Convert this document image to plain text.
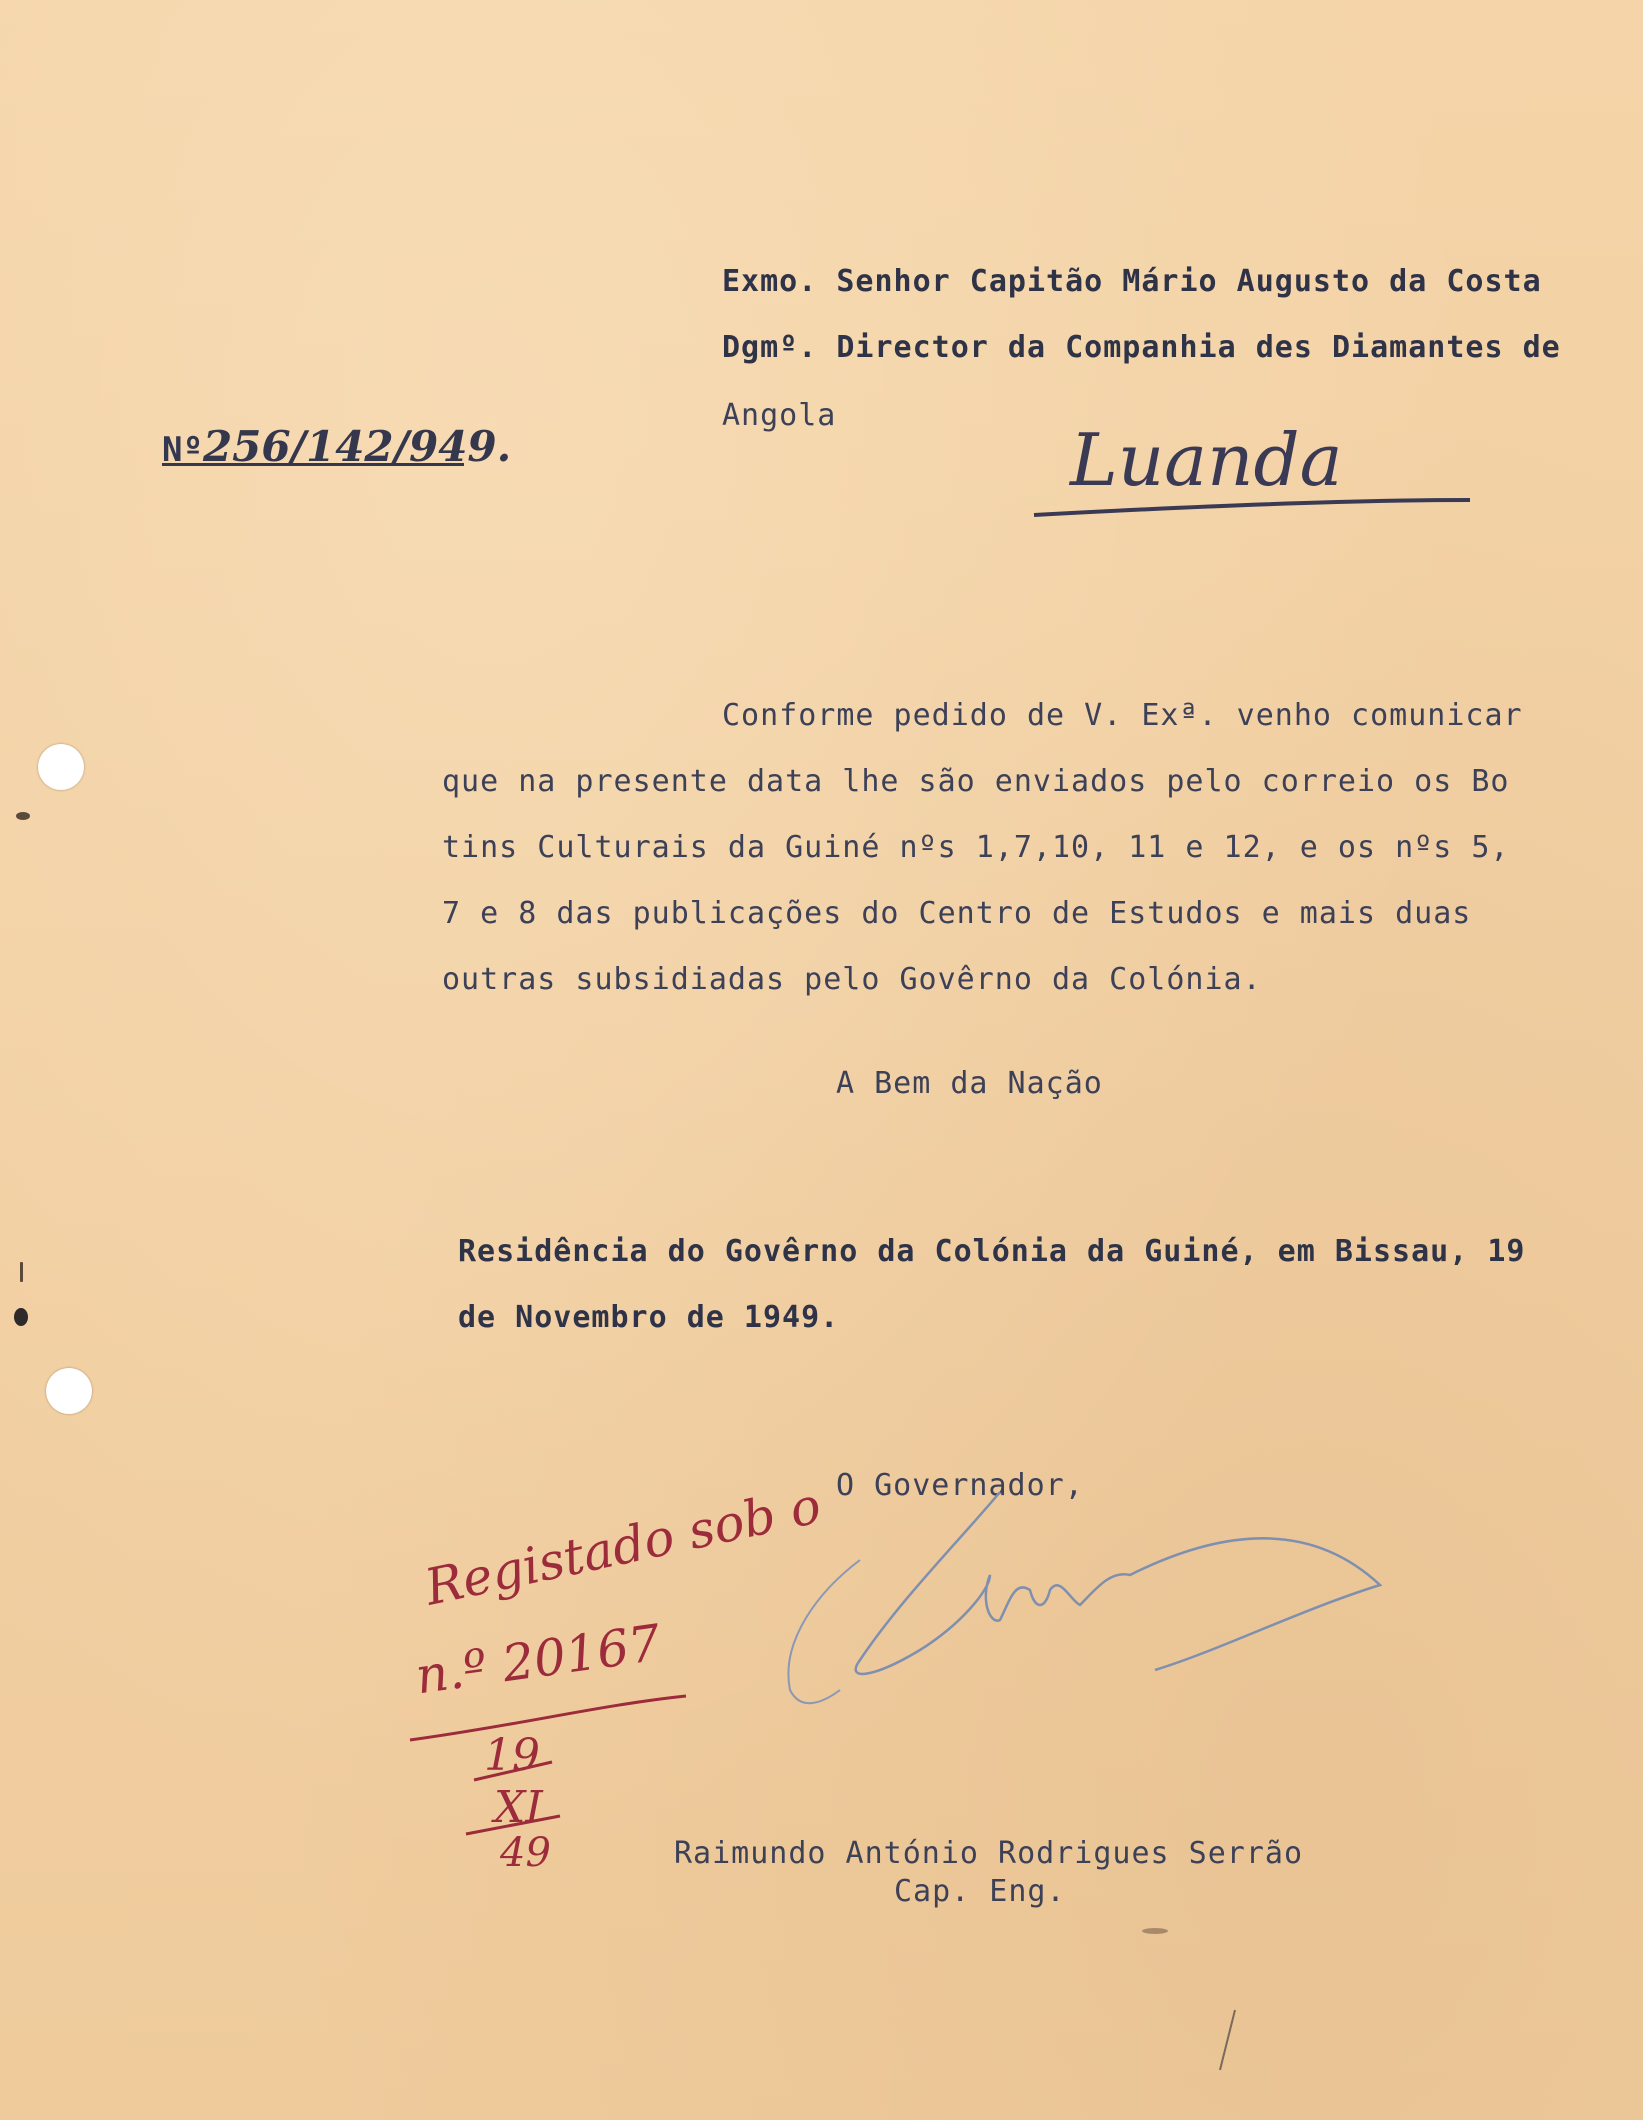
Nº256/142/949.
Exmo. Senhor Capitão Mário Augusto da Costa
Dgmº. Director da Companhia des Diamantes de
Angola
Luanda
Conforme pedido de V. Exª. venho comunicar
que na presente data lhe são enviados pelo correio os Bo
tins Culturais da Guiné nºs 1,7,10, 11 e 12, e os nºs 5,
7 e 8 das publicações do Centro de Estudos e mais duas
outras subsidiadas pelo Govêrno da Colónia.
A Bem da Nação
Residência do Govêrno da Colónia da Guiné, em Bissau, 19
de Novembro de 1949.
O Governador,
Raimundo António Rodrigues Serrão
Cap. Eng.
Registado sob o
n.º 20167
19
XI
49
